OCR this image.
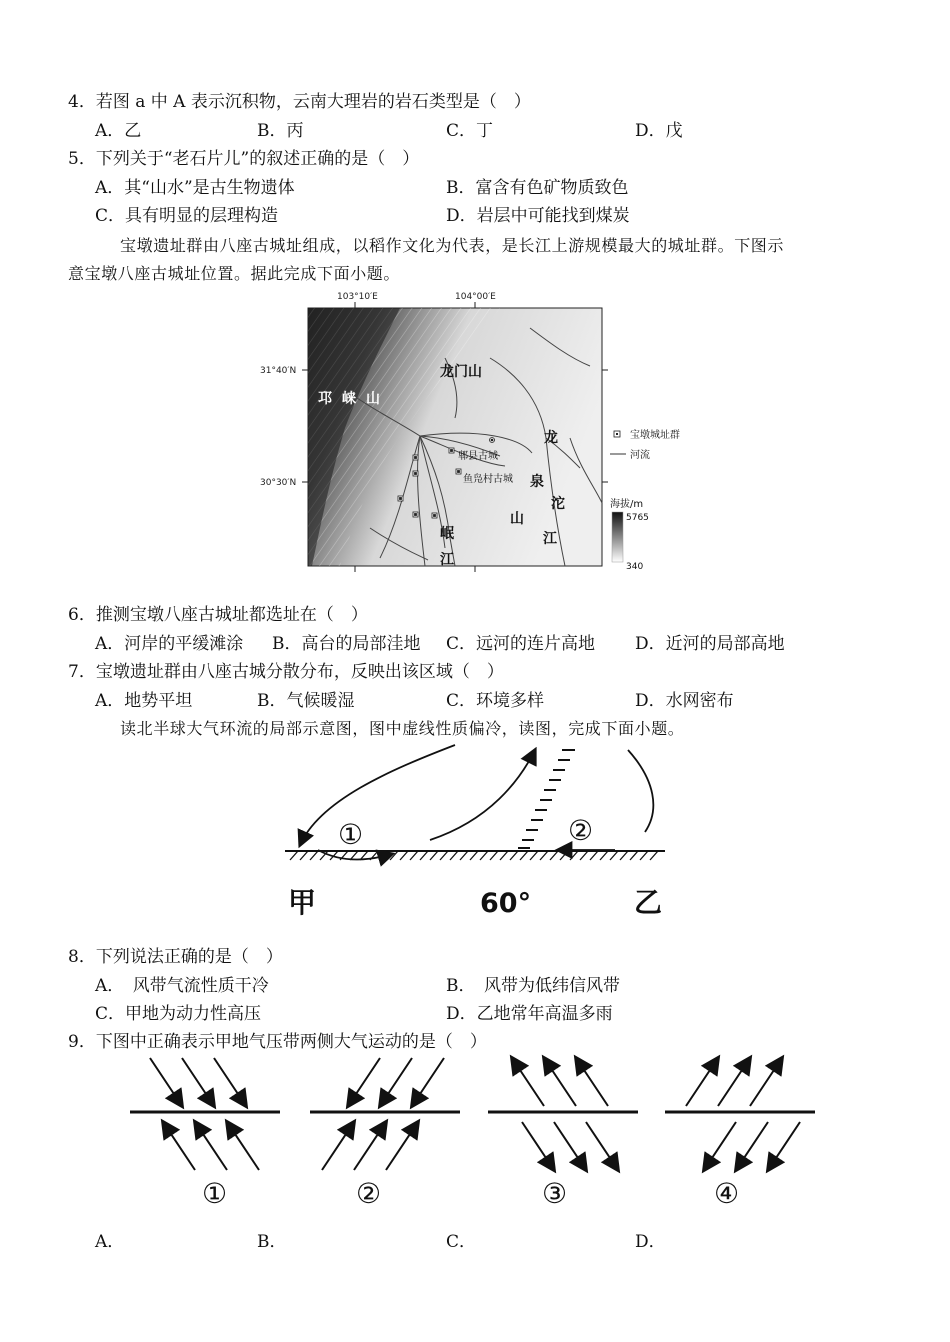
4．若图 a 中 A 表示沉积物，云南大理岩的岩石类型是（　）
A．乙	B．丙	C．丁	D．戊
5．下列关于“老石片儿”的叙述正确的是（　）
A．其“山水”是古生物遗体	B．富含有色矿物质致色
C．具有明显的层理构造	D．岩层中可能找到煤炭
宝墩遗址群由八座古城址组成，以稻作文化为代表，是长江上游规模最大的城址群。下图示
意宝墩八座古城址位置。据此完成下面小题。
103°10′E	104°00′E
31°40′N
30°30′N
邛 崃 山
龙门山
郫县古城
鱼凫村古城
龙
泉
山
沱
江
岷
江
宝墩城址群
河流
海拔/m
5765
340
6．推测宝墩八座古城址都选址在（　）
A．河岸的平缓滩涂 B．高台的局部洼地 C．远河的连片高地 D．近河的局部高地
7．宝墩遗址群由八座古城分散分布，反映出该区域（　）
A．地势平坦	B．气候暖湿	C．环境多样	D．水网密布
读北半球大气环流的局部示意图，图中虚线性质偏冷，读图，完成下面小题。
①	②
甲	60°	乙
8．下列说法正确的是（　）
A．　风带气流性质干冷	B．　风带为低纬信风带
C．甲地为动力性高压	D．乙地常年高温多雨
9．下图中正确表示甲地气压带两侧大气运动的是（　）
①	②	③	④
A．	B．	C．	D．
